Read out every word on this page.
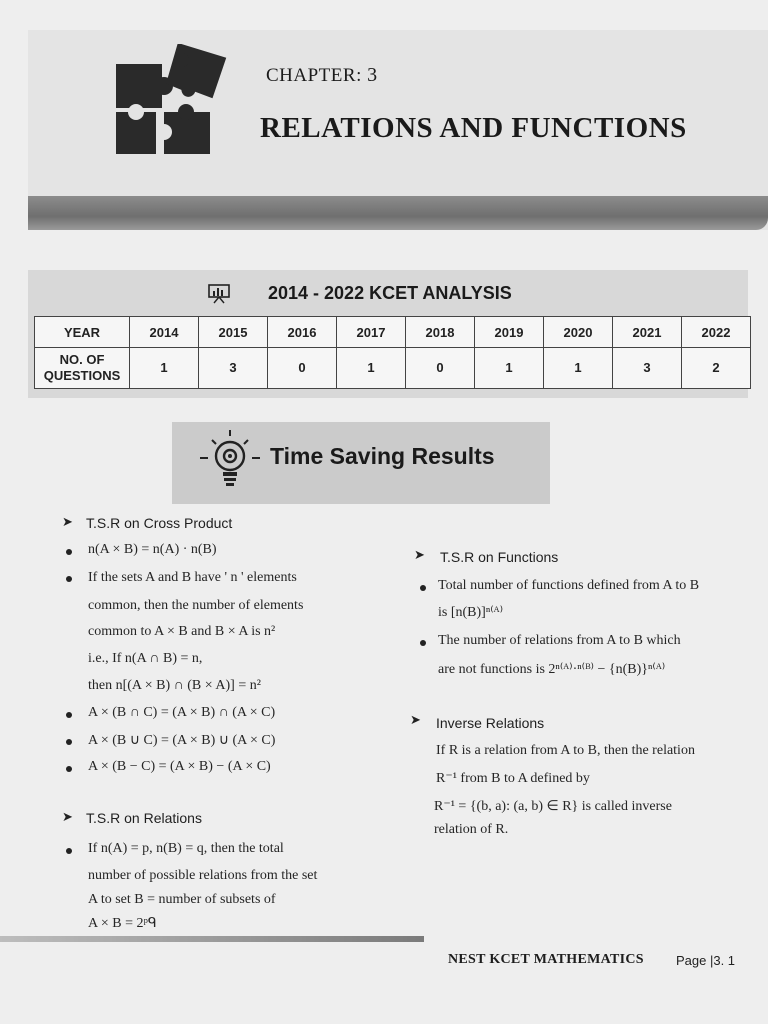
CHAPTER: 3
RELATIONS AND FUNCTIONS
2014 - 2022 KCET ANALYSIS
YEAR	2014	2015	2016	2017	2018	2019	2020	2021	2022
NO. OF QUESTIONS	1	3	0	1	0	1	1	3	2
Time Saving Results
➤ T.S.R on Cross Product
n(A × B) = n(A) · n(B)
If the sets A and B have ' n ' elements
common, then the number of elements
common to A × B and B × A is n²
i.e., If n(A ∩ B) = n,
then n[(A × B) ∩ (B × A)] = n²
A × (B ∩ C) = (A × B) ∩ (A × C)
A × (B ∪ C) = (A × B) ∪ (A × C)
A × (B − C) = (A × B) − (A × C)
➤ T.S.R on Relations
If n(A) = p, n(B) = q, then the total
number of possible relations from the set
A to set B = number of subsets of
A × B = 2ᵖᑫ
➤ T.S.R on Functions
Total number of functions defined from A to B
is [n(B)]ⁿ⁽ᴬ⁾
The number of relations from A to B which
are not functions is 2ⁿ⁽ᴬ⁾·ⁿ⁽ᴮ⁾ − {n(B)}ⁿ⁽ᴬ⁾
➤ Inverse Relations
If R is a relation from A to B, then the relation
R⁻¹ from B to A defined by
R⁻¹ = {(b, a): (a, b) ∈ R} is called inverse
relation of R.
NEST KCET MATHEMATICS Page |3. 1
